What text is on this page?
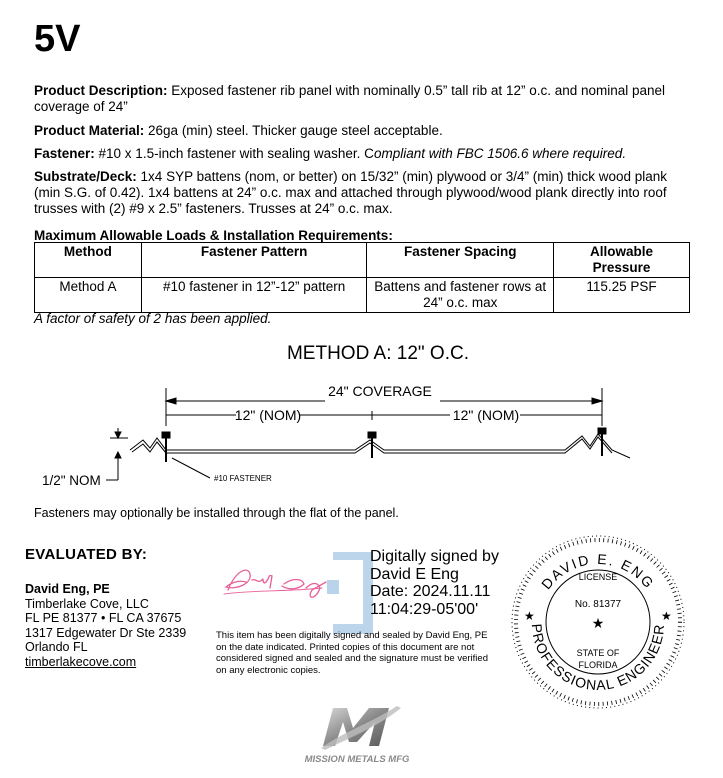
5V

Product Description: Exposed fastener rib panel with nominally 0.5” tall rib at 12” o.c. and nominal panel coverage of 24”

Product Material: 26ga (min) steel. Thicker gauge steel acceptable.

Fastener: #10 x 1.5-inch fastener with sealing washer. Compliant with FBC 1506.6 where required.

Substrate/Deck: 1x4 SYP battens (nom, or better) on 15/32” (min) plywood or 3/4” (min) thick wood plank (min S.G. of 0.42). 1x4 battens at 24” o.c. max and attached through plywood/wood plank directly into roof trusses with (2) #9 x 2.5” fasteners. Trusses at 24” o.c. max.

Maximum Allowable Loads & Installation Requirements:
Method	Fastener Pattern	Fastener Spacing	Allowable Pressure
Method A	#10 fastener in 12”-12” pattern	Battens and fastener rows at 24” o.c. max	115.25 PSF
A factor of safety of 2 has been applied.
METHOD A: 12" O.C.
24" COVERAGE
12" (NOM)	12" (NOM)
1/2" NOM	#10 FASTENER
Fasteners may optionally be installed through the flat of the panel.
EVALUATED BY:
David Eng, PE
Timberlake Cove, LLC
FL PE 81377 • FL CA 37675
1317 Edgewater Dr Ste 2339
Orlando FL
timberlakecove.com
Digitally signed by
David E Eng
Date: 2024.11.11
11:04:29-05'00'
This item has been digitally signed and sealed by David Eng, PE on the date indicated. Printed copies of this document are not considered signed and sealed and the signature must be verified on any electronic copies.
DAVID E. ENG
PROFESSIONAL ENGINEER
★	★
LICENSE
No. 81377
★
STATE OF
FLORIDA
MISSION METALS MFG
